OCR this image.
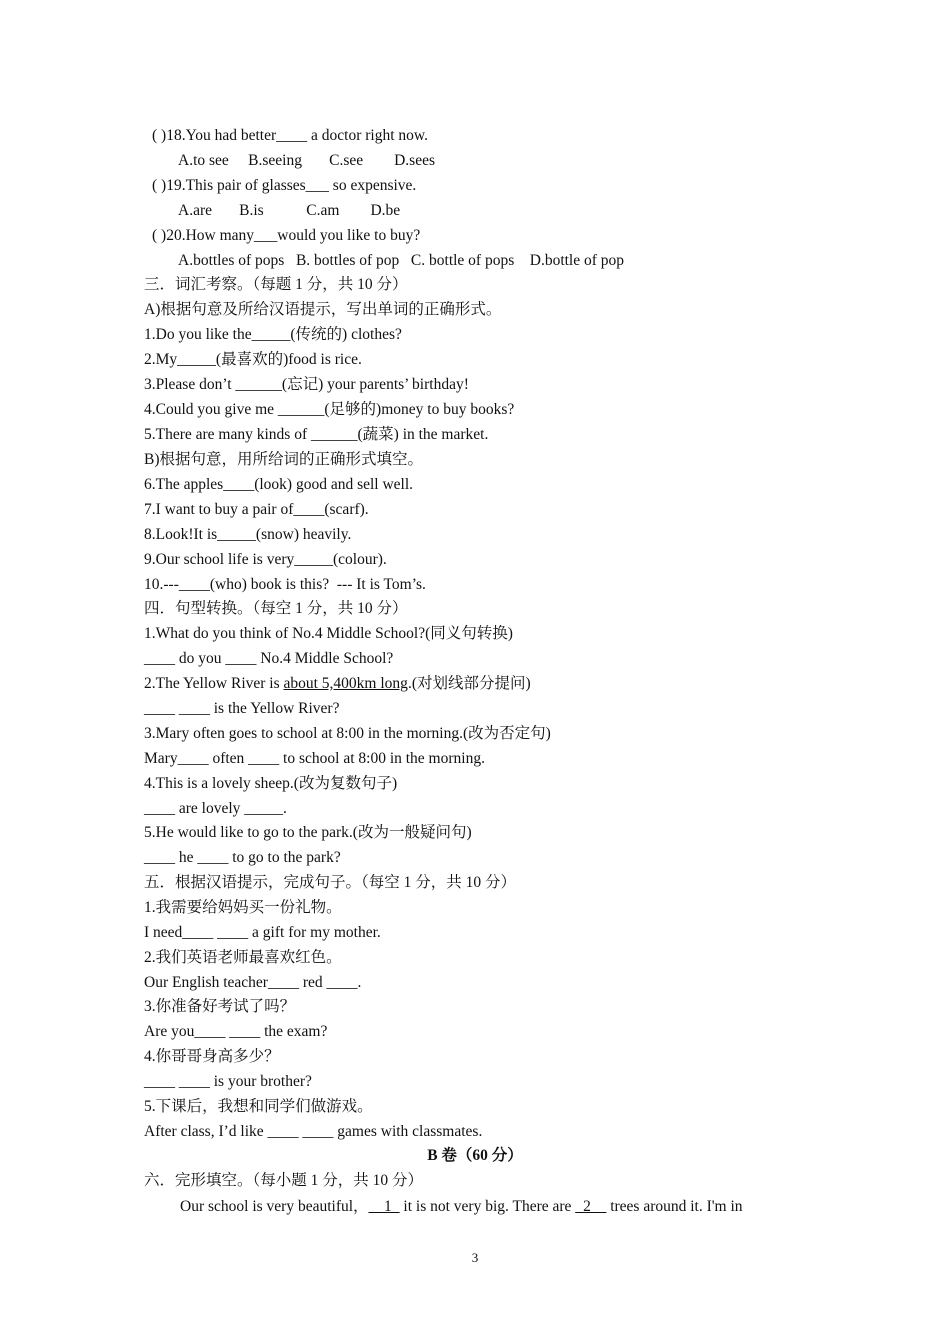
( )18.You had better____ a doctor right now.
A.to see     B.seeing       C.see        D.sees
( )19.This pair of glasses___ so expensive.
A.are       B.is           C.am        D.be
( )20.How many___would you like to buy?
A.bottles of pops   B. bottles of pop   C. bottle of pops    D.bottle of pop
三．词汇考察。（每题 1 分，共 10 分）
A)根据句意及所给汉语提示，写出单词的正确形式。
1.Do you like the_____(传统的) clothes?
2.My_____(最喜欢的)food is rice.
3.Please don’t ______(忘记) your parents’ birthday!
4.Could you give me ______(足够的)money to buy books?
5.There are many kinds of ______(蔬菜) in the market.
B)根据句意，用所给词的正确形式填空。
6.The apples____(look) good and sell well.
7.I want to buy a pair of____(scarf).
8.Look!It is_____(snow) heavily.
9.Our school life is very_____(colour).
10.---____(who) book is this?  --- It is Tom’s.
四．句型转换。（每空 1 分，共 10 分）
1.What do you think of No.4 Middle School?(同义句转换)
____ do you ____ No.4 Middle School?
2.The Yellow River is about 5,400km long.(对划线部分提问)
____ ____ is the Yellow River?
3.Mary often goes to school at 8:00 in the morning.(改为否定句)
Mary____ often ____ to school at 8:00 in the morning.
4.This is a lovely sheep.(改为复数句子)
____ are lovely _____.
5.He would like to go to the park.(改为一般疑问句)
____ he ____ to go to the park?
五．根据汉语提示，完成句子。（每空 1 分，共 10 分）
1.我需要给妈妈买一份礼物。
I need____ ____ a gift for my mother.
2.我们英语老师最喜欢红色。
Our English teacher____ red ____.
3.你准备好考试了吗？
Are you____ ____ the exam?
4.你哥哥身高多少？
____ ____ is your brother?
5.下课后，我想和同学们做游戏。
After class, I’d like ____ ____ games with classmates.
B 卷（60 分）
六．完形填空。（每小题 1 分，共 10 分）
Our school is very beautiful，__1_ it is not very big. There are _2__ trees around it. I'm in
3
